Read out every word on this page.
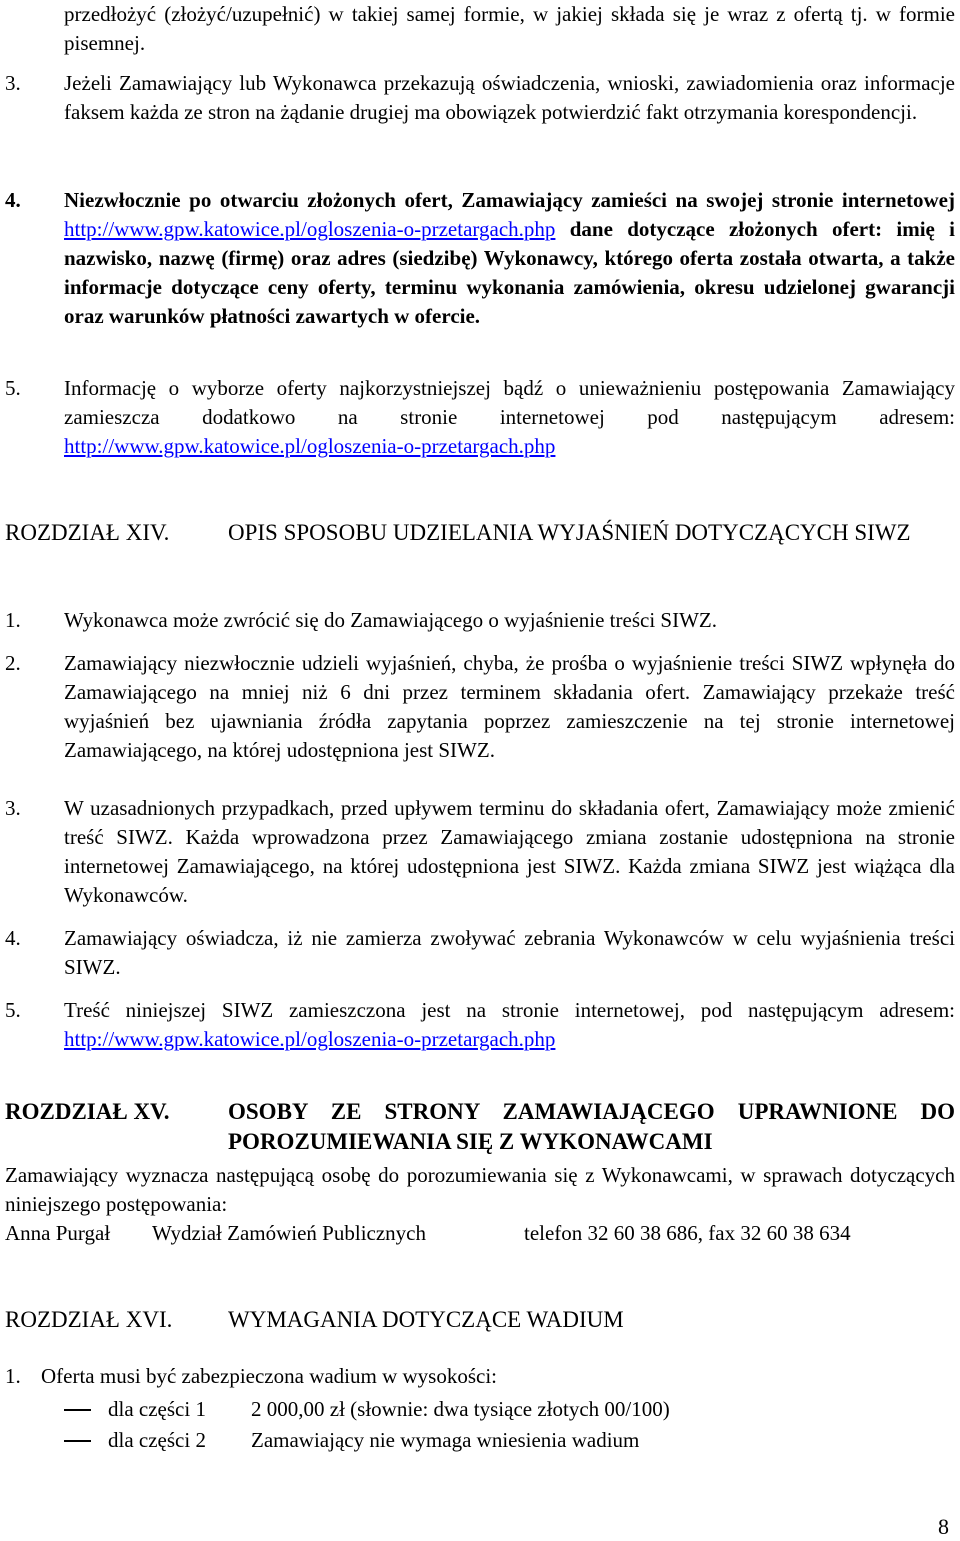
przedłożyć (złożyć/uzupełnić) w takiej samej formie, w jakiej składa się je wraz z ofertą tj. w formie pisemnej.
3. Jeżeli Zamawiający lub Wykonawca przekazują oświadczenia, wnioski, zawiadomienia oraz informacje faksem każda ze stron na żądanie drugiej ma obowiązek potwierdzić fakt otrzymania korespondencji.
4. Niezwłocznie po otwarciu złożonych ofert, Zamawiający zamieści na swojej stronie internetowej http://www.gpw.katowice.pl/ogloszenia-o-przetargach.php dane dotyczące złożonych ofert: imię i nazwisko, nazwę (firmę) oraz adres (siedzibę) Wykonawcy, którego oferta została otwarta, a także informacje dotyczące ceny oferty, terminu wykonania zamówienia, okresu udzielonej gwarancji oraz warunków płatności zawartych w ofercie.
5. Informację o wyborze oferty najkorzystniejszej bądź o unieważnieniu postępowania Zamawiający zamieszcza dodatkowo na stronie internetowej pod następującym adresem: http://www.gpw.katowice.pl/ogloszenia-o-przetargach.php
ROZDZIAŁ XIV.	OPIS SPOSOBU UDZIELANIA WYJAŚNIEŃ DOTYCZĄCYCH SIWZ
1. Wykonawca może zwrócić się do Zamawiającego o wyjaśnienie treści SIWZ.
2. Zamawiający niezwłocznie udzieli wyjaśnień, chyba, że prośba o wyjaśnienie treści SIWZ wpłynęła do Zamawiającego na mniej niż 6 dni przez terminem składania ofert. Zamawiający przekaże treść wyjaśnień bez ujawniania źródła zapytania poprzez zamieszczenie na tej stronie internetowej Zamawiającego, na której udostępniona jest SIWZ.
3. W uzasadnionych przypadkach, przed upływem terminu do składania ofert, Zamawiający może zmienić treść SIWZ. Każda wprowadzona przez Zamawiającego zmiana zostanie udostępniona na stronie internetowej Zamawiającego, na której udostępniona jest SIWZ. Każda zmiana SIWZ jest wiążąca dla Wykonawców.
4. Zamawiający oświadcza, iż nie zamierza zwoływać zebrania Wykonawców w celu wyjaśnienia treści SIWZ.
5. Treść niniejszej SIWZ zamieszczona jest na stronie internetowej, pod następującym adresem: http://www.gpw.katowice.pl/ogloszenia-o-przetargach.php
ROZDZIAŁ XV.	OSOBY ZE STRONY ZAMAWIAJĄCEGO UPRAWNIONE DO POROZUMIEWANIA SIĘ Z WYKONAWCAMI
Zamawiający wyznacza następującą osobę do porozumiewania się z Wykonawcami, w sprawach dotyczących niniejszego postępowania:
Anna Purgał Wydział Zamówień Publicznych	telefon 32 60 38 686, fax 32 60 38 634
ROZDZIAŁ XVI. WYMAGANIA DOTYCZĄCE WADIUM
1. Oferta musi być zabezpieczona wadium w wysokości:
dla części 1 2 000,00 zł (słownie: dwa tysiące złotych 00/100)
dla części 2 Zamawiający nie wymaga wniesienia wadium
8
